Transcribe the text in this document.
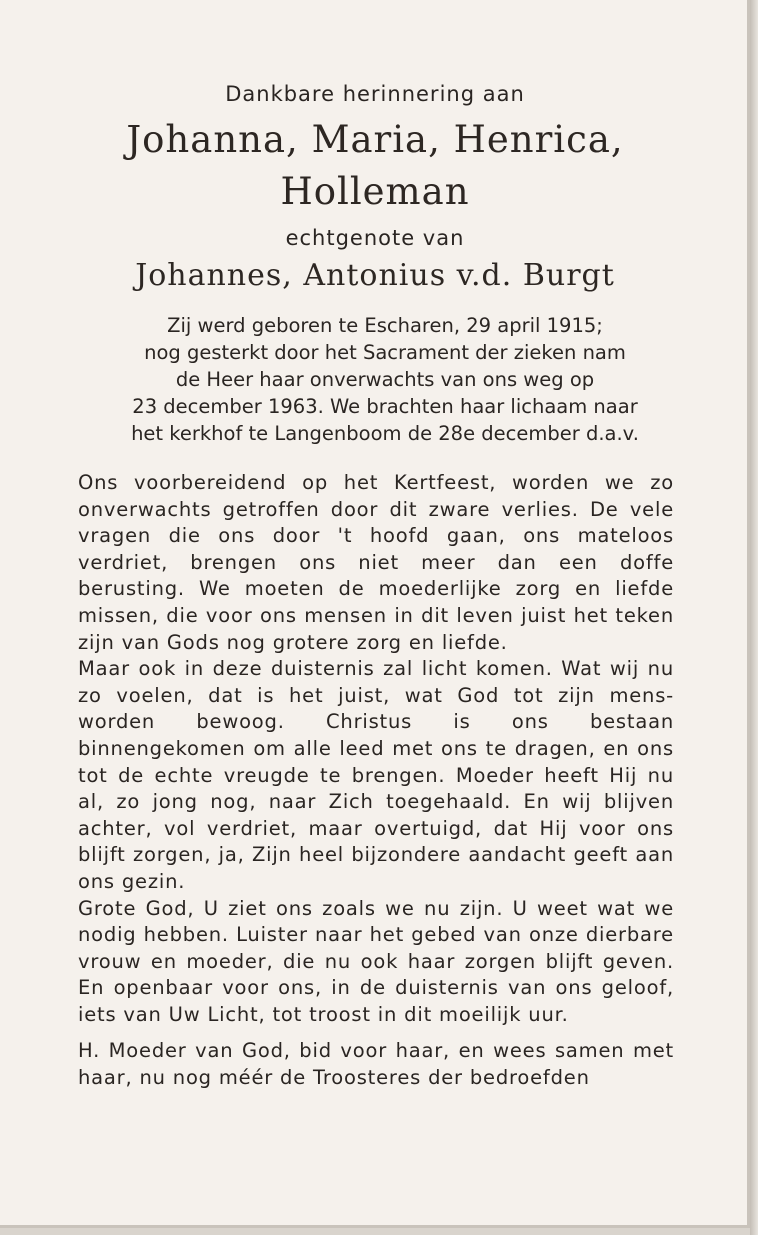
Dankbare herinnering aan
Johanna, Maria, Henrica,
Holleman
echtgenote van
Johannes, Antonius v.d. Burgt
Zij werd geboren te Escharen, 29 april 1915;
nog gesterkt door het Sacrament der zieken nam
de Heer haar onverwachts van ons weg op
23 december 1963. We brachten haar lichaam naar
het kerkhof te Langenboom de 28e december d.a.v.

Ons voorbereidend op het Kertfeest, worden we zo onverwachts getroffen door dit zware verlies. De vele vragen die ons door 't hoofd gaan, ons mateloos verdriet, brengen ons niet meer dan een doffe berusting. We moeten de moederlijke zorg en liefde missen, die voor ons mensen in dit leven juist het teken zijn van Gods nog grotere zorg en liefde.

Maar ook in deze duisternis zal licht komen. Wat wij nu zo voelen, dat is het juist, wat God tot zijn mens-worden bewoog. Christus is ons bestaan binnengekomen om alle leed met ons te dragen, en ons tot de echte vreugde te brengen. Moeder heeft Hij nu al, zo jong nog, naar Zich toegehaald. En wij blijven achter, vol verdriet, maar overtuigd, dat Hij voor ons blijft zorgen, ja, Zijn heel bijzondere aandacht geeft aan ons gezin.

Grote God, U ziet ons zoals we nu zijn. U weet wat we nodig hebben. Luister naar het gebed van onze dierbare vrouw en moeder, die nu ook haar zorgen blijft geven. En openbaar voor ons, in de duisternis van ons geloof, iets van Uw Licht, tot troost in dit moeilijk uur.

H. Moeder van God, bid voor haar, en wees samen met haar, nu nog méér de Troosteres der bedroefden
